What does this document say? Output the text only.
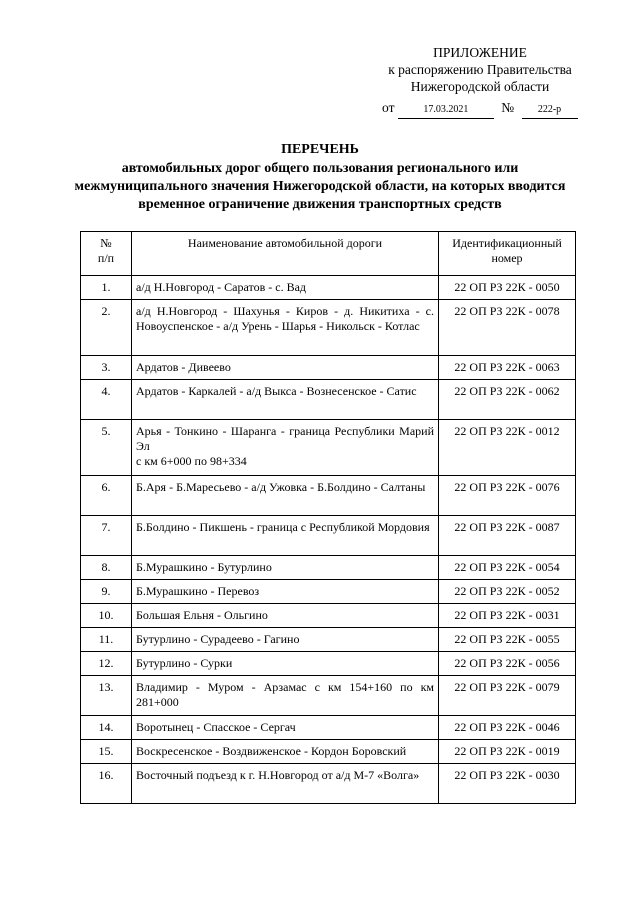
ПРИЛОЖЕНИЕ
к распоряжению Правительства
Нижегородской области
от	17.03.2021 № 222-р
ПЕРЕЧЕНЬ
автомобильных дорог общего пользования регионального или межмуниципального значения Нижегородской области, на которых вводится временное ограничение движения транспортных средств
№
п/п	Наименование автомобильной дороги	Идентификационный номер
1.	а/д Н.Новгород - Саратов - с. Вад	22 ОП РЗ 22К - 0050
2.	а/д Н.Новгород - Шахунья - Киров - д. Никитиха - с. Новоуспенское - а/д Урень - Шарья - Никольск - Котлас	22 ОП РЗ 22К - 0078
3.	Ардатов - Дивеево	22 ОП РЗ 22К - 0063
4.	Ардатов - Каркалей - а/д Выкса - Вознесенское - Сатис	22 ОП РЗ 22К - 0062
5.	Арья - Тонкино - Шаранга - граница Республики Марий Эл
с км 6+000 по 98+334	22 ОП РЗ 22К - 0012
6.	Б.Аря - Б.Мaресьево - а/д Ужовка - Б.Болдино - Салтаны	22 ОП РЗ 22К - 0076
7.	Б.Болдино - Пикшень - граница с Республикой Мордовия	22 ОП РЗ 22К - 0087
8.	Б.Мурашкино - Бутурлино	22 ОП РЗ 22К - 0054
9.	Б.Мурашкино - Перевоз	22 ОП РЗ 22К - 0052
10.	Большая Ельня - Ольгино	22 ОП РЗ 22К - 0031
11.	Бутурлино - Сурадеево - Гагино	22 ОП РЗ 22К - 0055
12.	Бутурлино - Сурки	22 ОП РЗ 22К - 0056
13.	Владимир - Муром - Арзамас с км 154+160 по км 281+000	22 ОП РЗ 22К - 0079
14.	Воротынец - Спасское - Сергач	22 ОП РЗ 22К - 0046
15.	Воскресенское - Воздвиженское - Кордон Боровский	22 ОП РЗ 22К - 0019
16.	Восточный подъезд к г. Н.Новгород от а/д М-7 «Волга»	22 ОП РЗ 22К - 0030
